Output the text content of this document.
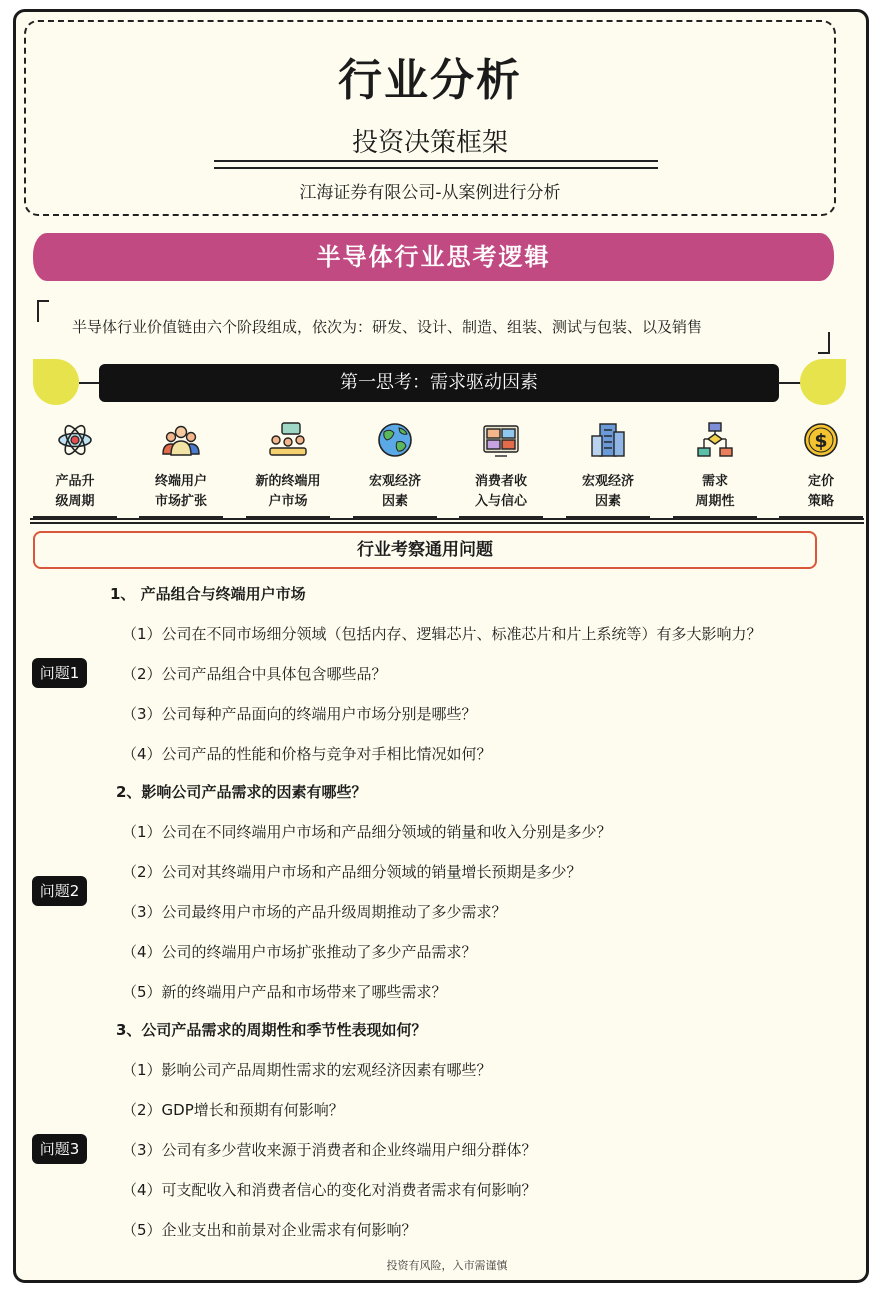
行业分析
投资决策框架
江海证券有限公司-从案例进行分析
半导体行业思考逻辑
半导体行业价值链由六个阶段组成，依次为：研发、设计、制造、组装、测试与包装、以及销售
第一思考：需求驱动因素
$
产品升
级周期
终端用户
市场扩张
新的终端用
户市场
宏观经济
因素
消费者收
入与信心
宏观经济
因素
需求
周期性
定价
策略
行业考察通用问题
1、 产品组合与终端用户市场
（1）公司在不同市场细分领域（包括内存、逻辑芯片、标准芯片和片上系统等）有多大影响力？
（2）公司产品组合中具体包含哪些品？
（3）公司每种产品面向的终端用户市场分别是哪些？
（4）公司产品的性能和价格与竞争对手相比情况如何？
问题1
2、影响公司产品需求的因素有哪些？
（1）公司在不同终端用户市场和产品细分领域的销量和收入分别是多少？
（2）公司对其终端用户市场和产品细分领域的销量增长预期是多少？
（3）公司最终用户市场的产品升级周期推动了多少需求？
（4）公司的终端用户市场扩张推动了多少产品需求？
（5）新的终端用户产品和市场带来了哪些需求？
问题2
3、公司产品需求的周期性和季节性表现如何？
（1）影响公司产品周期性需求的宏观经济因素有哪些？
（2）GDP增长和预期有何影响？
（3）公司有多少营收来源于消费者和企业终端用户细分群体？
（4）可支配收入和消费者信心的变化对消费者需求有何影响？
（5）企业支出和前景对企业需求有何影响？
问题3
投资有风险，入市需谨慎
